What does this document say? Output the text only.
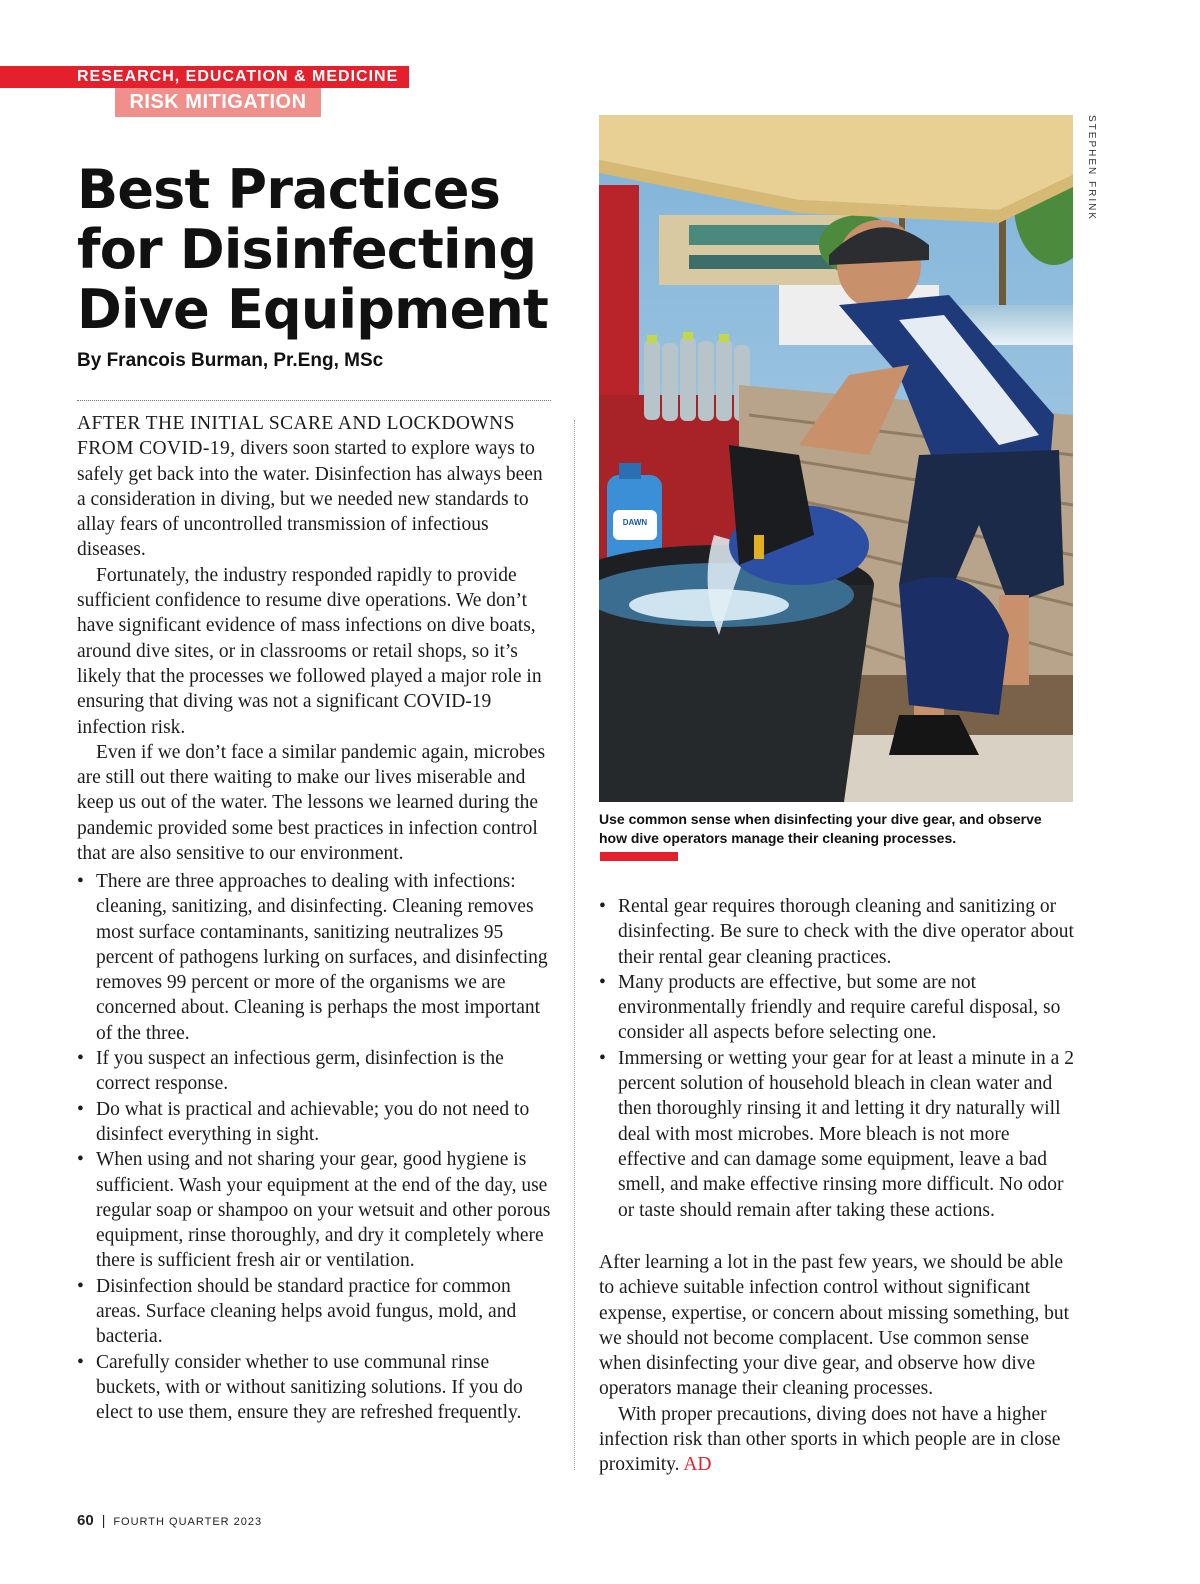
RESEARCH, EDUCATION & MEDICINE
RISK MITIGATION
Best Practices
for Disinfecting
Dive Equipment
By Francois Burman, Pr.Eng, MSc

AFTER THE INITIAL SCARE AND LOCKDOWNS FROM COVID-19, divers soon started to explore ways to safely get back into the water. Disinfection has always been a consideration in diving, but we needed new standards to allay fears of uncontrolled transmission of infectious diseases.

Fortunately, the industry responded rapidly to provide sufficient confidence to resume dive operations. We don’t have significant evidence of mass infections on dive boats, around dive sites, or in classrooms or retail shops, so it’s likely that the processes we followed played a major role in ensuring that diving was not a significant COVID-19 infection risk.

Even if we don’t face a similar pandemic again, microbes are still out there waiting to make our lives miserable and keep us out of the water. The lessons we learned during the pandemic provided some best practices in infection control that are also sensitive to our environment.

• There are three approaches to dealing with infections: cleaning, sanitizing, and disinfecting. Cleaning removes most surface contaminants, sanitizing neutralizes 95 percent of pathogens lurking on surfaces, and disinfecting removes 99 percent or more of the organisms we are concerned about. Cleaning is perhaps the most important of the three.
• If you suspect an infectious germ, disinfection is the correct response.
• Do what is practical and achievable; you do not need to disinfect everything in sight.
• When using and not sharing your gear, good hygiene is sufficient. Wash your equipment at the end of the day, use regular soap or shampoo on your wetsuit and other porous equipment, rinse thoroughly, and dry it completely where there is sufficient fresh air or ventilation.
• Disinfection should be standard practice for common areas. Surface cleaning helps avoid fungus, mold, and bacteria.
• Carefully consider whether to use communal rinse buckets, with or without sanitizing solutions. If you do elect to use them, ensure they are refreshed frequently.
DAWN
STEPHEN FRINK
Use common sense when disinfecting your dive gear, and observe how dive operators manage their cleaning processes.
• Rental gear requires thorough cleaning and sanitizing or disinfecting. Be sure to check with the dive operator about their rental gear cleaning practices.
• Many products are effective, but some are not environmentally friendly and require careful disposal, so consider all aspects before selecting one.
• Immersing or wetting your gear for at least a minute in a 2 percent solution of household bleach in clean water and then thoroughly rinsing it and letting it dry naturally will deal with most microbes. More bleach is not more effective and can damage some equipment, leave a bad smell, and make effective rinsing more difficult. No odor or taste should remain after taking these actions.

After learning a lot in the past few years, we should be able to achieve suitable infection control without significant expense, expertise, or concern about missing something, but we should not become complacent. Use common sense when disinfecting your dive gear, and observe how dive operators manage their cleaning processes.

With proper precautions, diving does not have a higher infection risk than other sports in which people are in close proximity. AD

60 | FOURTH QUARTER 2023
